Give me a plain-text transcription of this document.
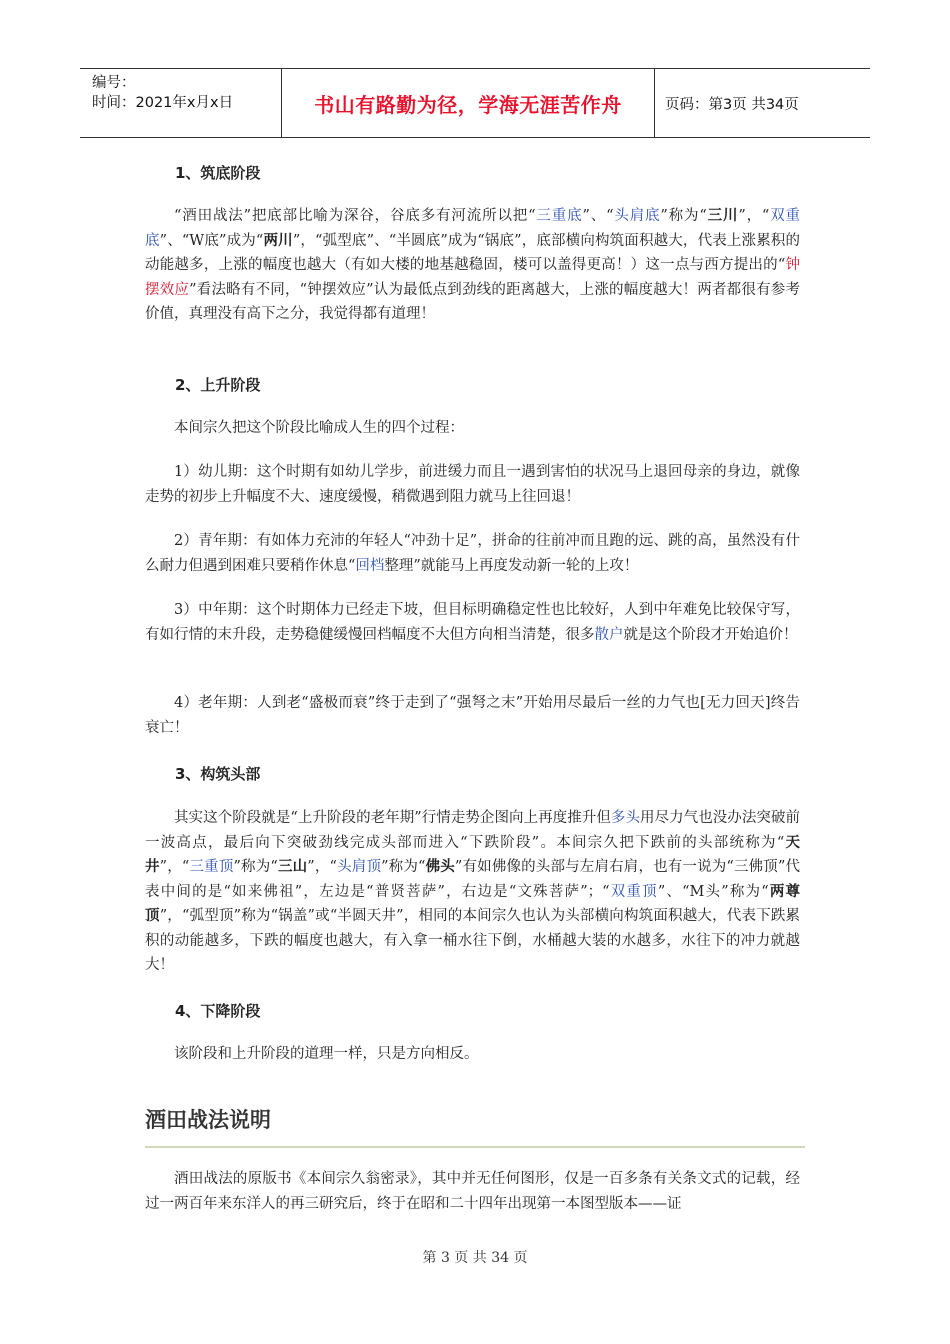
编号：
时间：2021年x月x日	书山有路勤为径，学海无涯苦作舟	页码：第3页 共34页
1、筑底阶段

“酒田战法”把底部比喻为深谷，谷底多有河流所以把“三重底”、“头肩底”称为“三川”，“双重底”、“W底”成为“两川”，“弧型底”、“半圆底”成为“锅底”，底部横向构筑面积越大，代表上涨累积的动能越多，上涨的幅度也越大（有如大楼的地基越稳固，楼可以盖得更高！）这一点与西方提出的“钟摆效应”看法略有不同，“钟摆效应”认为最低点到劲线的距离越大，上涨的幅度越大！两者都很有参考价值，真理没有高下之分，我觉得都有道理！

2、上升阶段

本间宗久把这个阶段比喻成人生的四个过程：

1）幼儿期：这个时期有如幼儿学步，前进缓力而且一遇到害怕的状况马上退回母亲的身边，就像走势的初步上升幅度不大、速度缓慢，稍微遇到阻力就马上往回退！

2）青年期：有如体力充沛的年轻人“冲劲十足”，拼命的往前冲而且跑的远、跳的高，虽然没有什么耐力但遇到困难只要稍作休息“回档整理”就能马上再度发动新一轮的上攻！

3）中年期：这个时期体力已经走下坡，但目标明确稳定性也比较好，人到中年难免比较保守写，有如行情的末升段，走势稳健缓慢回档幅度不大但方向相当清楚，很多散户就是这个阶段才开始追价！

4）老年期：人到老“盛极而衰”终于走到了“强弩之末”开始用尽最后一丝的力气也[无力回天]终告衰亡！

3、构筑头部

其实这个阶段就是“上升阶段的老年期”行情走势企图向上再度推升但多头用尽力气也没办法突破前一波高点，最后向下突破劲线完成头部而进入“下跌阶段”。本间宗久把下跌前的头部统称为“天井”，“三重顶”称为“三山”，“头肩顶”称为“佛头”有如佛像的头部与左肩右肩，也有一说为“三佛顶”代表中间的是“如来佛祖”，左边是“普贤菩萨”，右边是“文殊菩萨”；“双重顶”、“M头”称为“两尊顶”，“弧型顶”称为“锅盖”或“半圆天井”，相同的本间宗久也认为头部横向构筑面积越大，代表下跌累积的动能越多，下跌的幅度也越大，有入拿一桶水往下倒，水桶越大装的水越多，水往下的冲力就越大！

4、下降阶段

该阶段和上升阶段的道理一样，只是方向相反。

酒田战法说明

酒田战法的原版书《本间宗久翁密录》，其中并无任何图形，仅是一百多条有关条文式的记载，经过一两百年来东洋人的再三研究后，终于在昭和二十四年出现第一本图型版本——证

第 3 页 共 34 页
